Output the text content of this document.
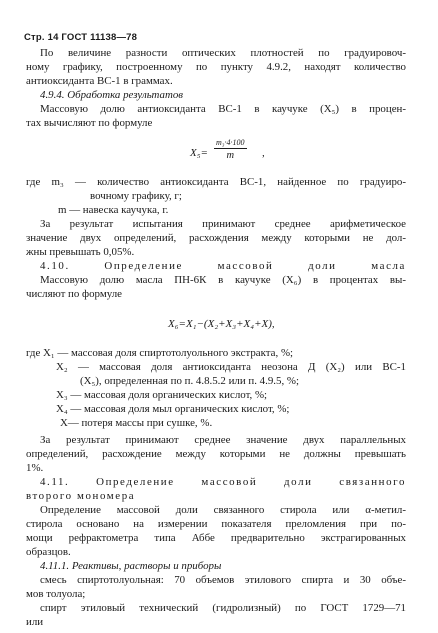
Стр. 14 ГОСТ 11138—78
По величине разности оптических плотностей по градуировоч-
ному графику, построенному по пункту 4.9.2, находят количество
антиоксиданта ВС-1 в граммах.
4.9.4. Обработка результатов
Массовую долю антиоксиданта ВС-1 в каучуке (X₅) в процен-
тах вычисляют по формуле
X₅=
m₃·4·100
m	,
где m₃ — количество антиоксиданта ВС-1, найденное по градуиро-
вочному графику, г;
m — навеска каучука, г.
За результат испытания принимают среднее арифметическое
значение двух определений, расхождения между которыми не дол-
жны превышать 0,05%.
4.10. Определение массовой доли масла
Массовую долю масла ПН-6К в каучуке (X₆) в процентах вы-
числяют по формуле
X₆=X₁−(X₂+X₃+X₄+X),
где X₁ — массовая доля спиртотолуольного экстракта, %;
X₂ — массовая доля антиоксиданта неозона Д (X₂) или ВС-1
(X₅), определенная по п. 4.8.5.2 или п. 4.9.5, %;
X₃ — массовая доля органических кислот, %;
X₄ — массовая доля мыл органических кислот, %;
X— потеря массы при сушке, %.
За результат принимают среднее значение двух параллельных
определений, расхождение между которыми не должны превышать
1%.
4.11. Определение массовой доли связанного
второго мономера
Определение массовой доли связанного стирола или α-метил-
стирола основано на измерении показателя преломления при по-
мощи рефрактометра типа Аббе предварительно экстрагированных
образцов.
4.11.1. Реактивы, растворы и приборы
смесь спиртотолуольная: 70 объемов этилового спирта и 30 объе-
мов толуола;
спирт этиловый технический (гидролизный) по ГОСТ 1729—71
или
